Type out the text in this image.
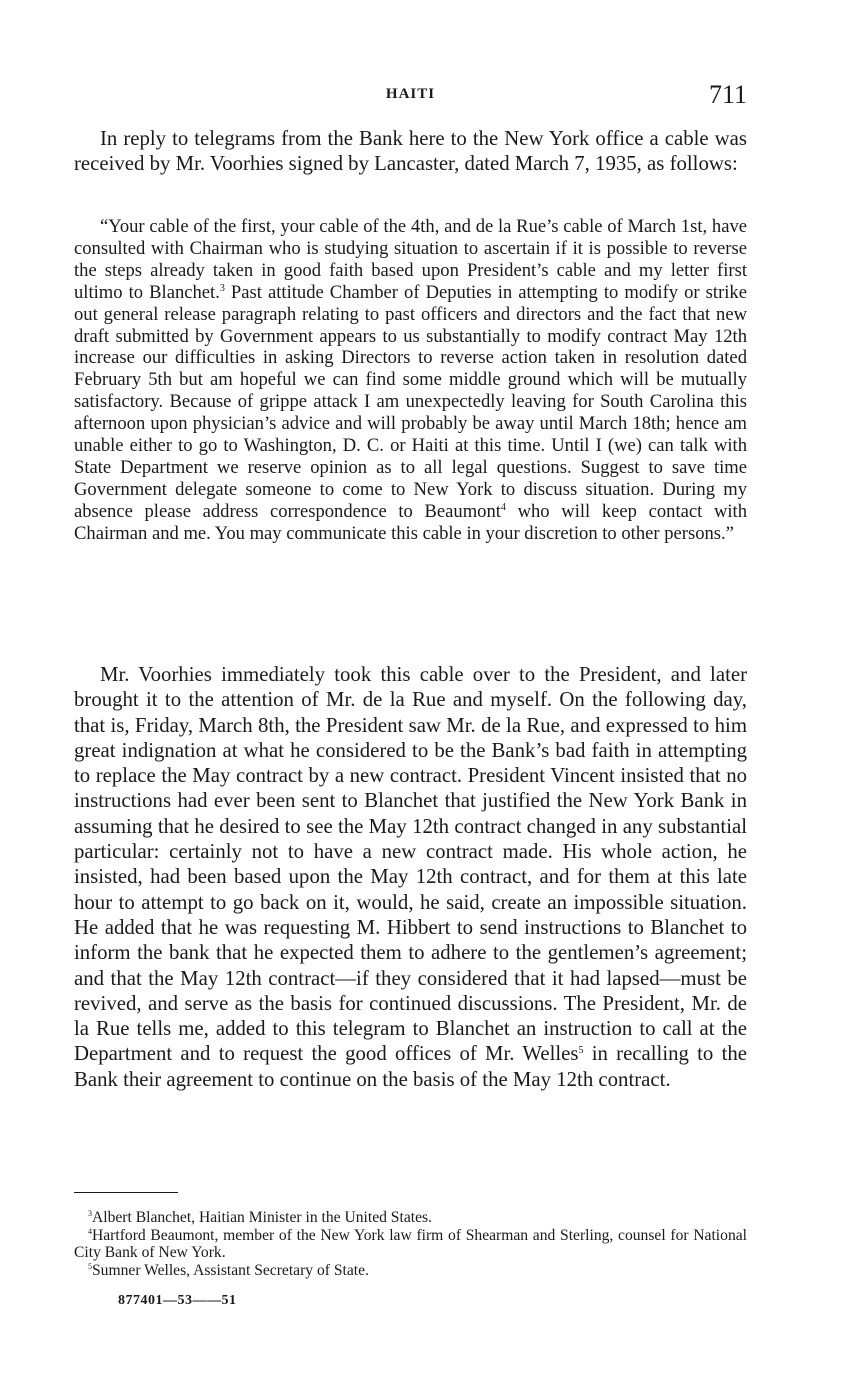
HAITI	711

In reply to telegrams from the Bank here to the New York office a cable was received by Mr. Voorhies signed by Lancaster, dated March 7, 1935, as follows:

“Your cable of the first, your cable of the 4th, and de la Rue’s cable of March 1st, have consulted with Chairman who is studying situation to ascertain if it is possible to reverse the steps already taken in good faith based upon President’s cable and my letter first ultimo to Blanchet.$^3$ Past attitude Chamber of Deputies in attempting to modify or strike out general release paragraph relating to past officers and directors and the fact that new draft submitted by Government appears to us substantially to modify contract May 12th increase our difficulties in asking Directors to reverse action taken in resolution dated February 5th but am hopeful we can find some middle ground which will be mutually satisfactory. Because of grippe attack I am unexpectedly leaving for South Carolina this afternoon upon physician’s advice and will probably be away until March 18th; hence am unable either to go to Washington, D. C. or Haiti at this time. Until I (we) can talk with State Department we reserve opinion as to all legal questions. Suggest to save time Government delegate someone to come to New York to discuss situation. During my absence please address correspondence to Beaumont$^4$ who will keep contact with Chairman and me. You may communicate this cable in your discretion to other persons.”

Mr. Voorhies immediately took this cable over to the President, and later brought it to the attention of Mr. de la Rue and myself. On the following day, that is, Friday, March 8th, the President saw Mr. de la Rue, and expressed to him great indignation at what he considered to be the Bank’s bad faith in attempting to replace the May contract by a new contract. President Vincent insisted that no instructions had ever been sent to Blanchet that justified the New York Bank in assuming that he desired to see the May 12th contract changed in any substantial particular: certainly not to have a new contract made. His whole action, he insisted, had been based upon the May 12th contract, and for them at this late hour to attempt to go back on it, would, he said, create an impossible situation. He added that he was requesting M. Hibbert to send instructions to Blanchet to inform the bank that he expected them to adhere to the gentlemen’s agreement; and that the May 12th contract—if they considered that it had lapsed—must be revived, and serve as the basis for continued discussions. The President, Mr. de la Rue tells me, added to this telegram to Blanchet an instruction to call at the Department and to request the good offices of Mr. Welles$^5$ in recalling to the Bank their agreement to continue on the basis of the May 12th contract.

$^3$Albert Blanchet, Haitian Minister in the United States.

$^4$Hartford Beaumont, member of the New York law firm of Shearman and Sterling, counsel for National City Bank of New York.

$^5$Sumner Welles, Assistant Secretary of State.

877401—53——51
